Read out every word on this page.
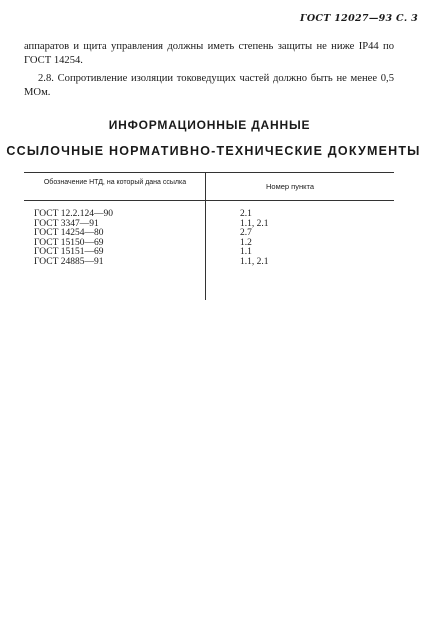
ГОСТ 12027—93 С. 3
аппаратов и щита управления должны иметь степень защиты не ниже IP44 по ГОСТ 14254.
2.8. Сопротивление изоляции токоведущих частей должно быть не менее 0,5 МОм.
ИНФОРМАЦИОННЫЕ ДАННЫЕ
ССЫЛОЧНЫЕ НОРМАТИВНО-ТЕХНИЧЕСКИЕ ДОКУМЕНТЫ
Обозначение НТД, на который дана ссылка	Номер пункта
ГОСТ 12.2.124—90
ГОСТ 3347—91
ГОСТ 14254—80
ГОСТ 15150—69
ГОСТ 15151—69
ГОСТ 24885—91
2.1
1.1, 2.1
2.7
1.2
1.1
1.1, 2.1
